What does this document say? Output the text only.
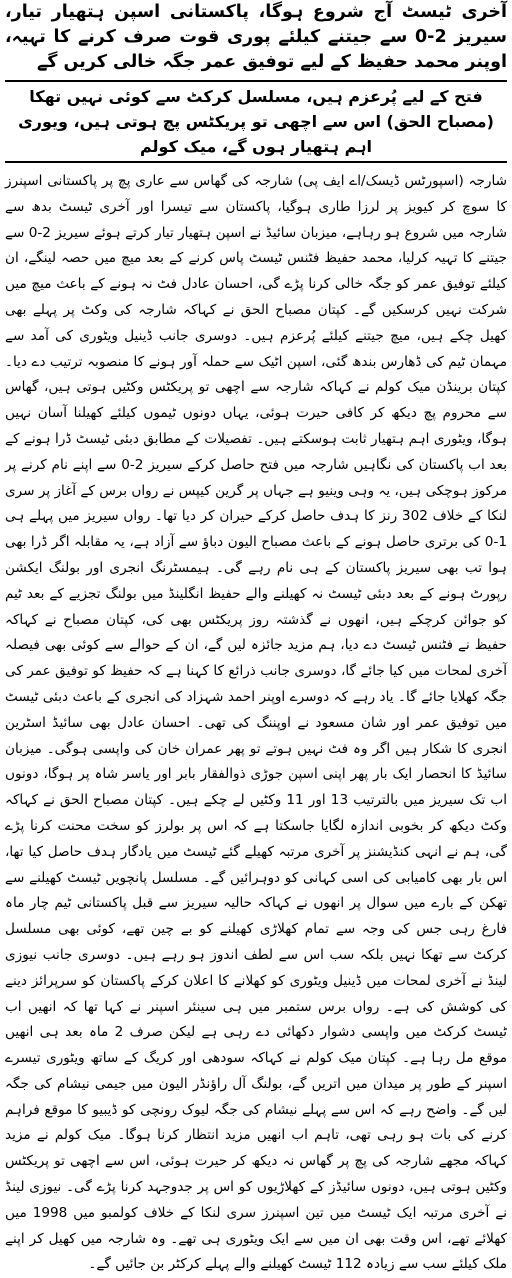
آخری ٹیسٹ آج شروع ہوگا، پاکستانی اسپن ہتھیار تیار، سیریز 2-0 سے جیتنے کیلئے پوری قوت صرف کرنے کا تہیہ، اوپنر محمد حفیظ کے لیے توفیق عمر جگہ خالی کریں گے
فتح کے لیے پُرعزم ہیں، مسلسل کرکٹ سے کوئی نہیں تھکا (مصباح الحق) اس سے اچھی تو پریکٹس پچ ہوتی ہیں، ویوری اہم ہتھیار ہوں گے، میک کولم

شارجہ (اسپورٹس ڈیسک/اے ایف پی) شارجہ کی گھاس سے عاری پچ پر پاکستانی اسپنرز کا سوچ کر کیویز پر لرزا طاری ہوگیا، پاکستان سے تیسرا اور آخری ٹیسٹ بدھ سے شارجہ میں شروع ہو رہاہے، میزبان سائیڈ نے اسپن ہتھیار تیار کرتے ہوئے سیریز 2-0 سے جیتنے کا تہیہ کرلیا، محمد حفیظ فٹنس ٹیسٹ پاس کرنے کے بعد میچ میں حصہ لینگے، ان کیلئے توفیق عمر کو جگہ خالی کرنا پڑے گی، احسان عادل فٹ نہ ہونے کے باعث میچ میں شرکت نہیں کرسکیں گے۔ کپتان مصباح الحق نے کہاکہ شارجہ کی وکٹ پر پہلے بھی کھیل چکے ہیں، میچ جیتنے کیلئے پُرعزم ہیں۔ دوسری جانب ڈینیل ویٹوری کی آمد سے مہمان ٹیم کی ڈھارس بندھ گئی، اسپن اٹیک سے حملہ آور ہونے کا منصوبہ ترتیب دے دیا۔ کپتان برینڈن میک کولم نے کہاکہ شارجہ سے اچھی تو پریکٹس وکٹیں ہوتی ہیں، گھاس سے محروم پچ دیکھ کر کافی حیرت ہوئی، یہاں دونوں ٹیموں کیلئے کھیلنا آسان نہیں ہوگا، ویٹوری اہم ہتھیار ثابت ہوسکتے ہیں۔ تفصیلات کے مطابق دبئی ٹیسٹ ڈرا ہونے کے بعد اب پاکستان کی نگاہیں شارجہ میں فتح حاصل کرکے سیریز 2-0 سے اپنے نام کرنے پر مرکوز ہوچکی ہیں، یہ وہی وینیو ہے جہاں پر گرین کیپس نے رواں برس کے آغاز پر سری لنکا کے خلاف 302 رنز کا ہدف حاصل کرکے حیران کر دیا تھا۔ رواں سیریز میں پہلے ہی 1-0 کی برتری حاصل ہونے کے باعث مصباح الیون دباؤ سے آزاد ہے، یہ مقابلہ اگر ڈرا بھی ہوا تب بھی سیریز پاکستان کے ہی نام رہے گی۔ ہیمسٹرنگ انجری اور بولنگ ایکشن رپورٹ ہونے کے بعد دبئی ٹیسٹ نہ کھیلنے والے حفیظ انگلینڈ میں بولنگ تجزیے کے بعد ٹیم کو جوائن کرچکے ہیں، انھوں نے گذشتہ روز پریکٹس بھی کی، کپتان مصباح نے کہاکہ حفیظ نے فٹنس ٹیسٹ دے دیا، ہم مزید جائزہ لیں گے، ان کے حوالے سے کوئی بھی فیصلہ آخری لمحات میں کیا جائے گا، دوسری جانب ذرائع کا کہنا ہے کہ حفیظ کو توفیق عمر کی جگہ کھلایا جائے گا۔ یاد رہے کہ دوسرے اوپنر احمد شہزاد کی انجری کے باعث دبئی ٹیسٹ میں توفیق عمر اور شان مسعود نے اوپننگ کی تھی۔ احسان عادل بھی سائیڈ اسٹرین انجری کا شکار ہیں اگر وہ فٹ نہیں ہوتے تو پھر عمران خان کی واپسی ہوگی۔ میزبان سائیڈ کا انحصار ایک بار پھر اپنی اسپن جوڑی ذوالفقار بابر اور یاسر شاہ پر ہوگا، دونوں اب تک سیریز میں بالترتیب 13 اور 11 وکٹیں لے چکے ہیں۔ کپتان مصباح الحق نے کہاکہ وکٹ دیکھ کر بخوبی اندازہ لگایا جاسکتا ہے کہ اس پر بولرز کو سخت محنت کرنا پڑے گی، ہم نے انہی کنڈیشنز پر آخری مرتبہ کھیلے گئے ٹیسٹ میں یادگار ہدف حاصل کیا تھا، اس بار بھی کامیابی کی اسی کہانی کو دوہرائیں گے۔ مسلسل پانچویں ٹیسٹ کھیلنے سے تھکن کے بارے میں سوال پر انھوں نے کہاکہ حالیہ سیریز سے قبل پاکستانی ٹیم چار ماہ فارغ رہی جس کی وجہ سے تمام کھلاڑی کھیلنے کو بے چین تھے، کوئی بھی مسلسل کرکٹ سے تھکا نہیں بلکہ سب اس سے لطف اندوز ہو رہے ہیں۔ دوسری جانب نیوزی لینڈ نے آخری لمحات میں ڈینیل ویٹوری کو کھلانے کا اعلان کرکے پاکستان کو سرپرائز دینے کی کوشش کی ہے۔ رواں برس ستمبر میں ہی سینئر اسپنر نے کہا تھا کہ انھیں اب ٹیسٹ کرکٹ میں واپسی دشوار دکھائی دے رہی ہے لیکن صرف 2 ماہ بعد ہی انھیں موقع مل رہا ہے۔ کپتان میک کولم نے کہاکہ سودھی اور کریگ کے ساتھ ویٹوری تیسرے اسپنر کے طور پر میدان میں اتریں گے، بولنگ آل راؤنڈر الیون میں جیمی نیشام کی جگہ لیں گے۔ واضح رہے کہ اس سے پہلے نیشام کی جگہ لیوک رونچی کو ڈیبیو کا موقع فراہم کرنے کی بات ہو رہی تھی، تاہم اب انھیں مزید انتظار کرنا ہوگا۔ میک کولم نے مزید کہاکہ مجھے شارجہ کی پچ پر گھاس نہ دیکھ کر حیرت ہوئی، اس سے اچھی تو پریکٹس وکٹیں ہوتی ہیں، دونوں سائیڈز کے کھلاڑیوں کو اس پر جدوجہد کرنا پڑے گی۔ نیوزی لینڈ نے آخری مرتبہ ایک ٹیسٹ میں تین اسپنرز سری لنکا کے خلاف کولمبو میں 1998 میں کھلائے تھے، اس وقت بھی ان میں سے ایک ویٹوری ہی تھے۔ وہ شارجہ میں کھیل کر اپنے ملک کیلئے سب سے زیادہ 112 ٹیسٹ کھیلنے والے پہلے کرکٹر بن جائیں گے۔
